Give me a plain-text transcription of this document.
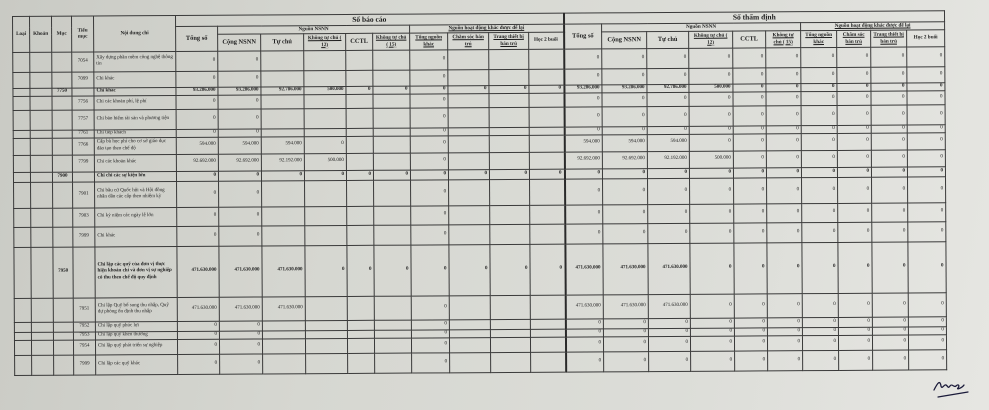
Loại	Khoản	Mục	Tiểu mục	Nội dung chi	Số báo cáo										Số thẩm định									
					Tổng số	Nguồn NSNN					Nguồn hoạt động khác được để lại				Tổng số	Nguồn NSNN					Nguồn hoạt động khác được để lại			
						Cộng NSNN	Tự chủ	Không tự chủ ( 12)	CCTL	Không tự chủ ( 15)	Tổng nguồn khác	Chăm sóc bán trú	Trang thiết bị bán trú	Học 2 buổi		Cộng NSNN	Tự chủ	Không tự chủ ( 12)	CCTL	Không tự chủ ( 15)	Tổng nguồn khác	Chăm sóc bán trú	Trang thiết bị bán trú	Học 2 buổi
			7054	Xây dựng phần mềm công nghệ thông tin	0	0					0				0	0	0	0	0	0	0	0	0	0
			7099	Chi khác	0	0					0				0	0	0	0	0	0	0	0	0	0
		7750		Chi khác	93.286.000	93.286.000	92.786.000	500.000	0	0	0	0	0	0	93.286.000	93.286.000	92.786.000	500.000	0	0	0	0	0	0
			7756	Chi các khoản phí, lệ phí	0	0					0				0	0	0	0	0	0	0	0	0	0
			7757	Chi bảo hiểm tài sản và phương tiện	0	0					0				0	0	0	0	0	0	0	0	0	0
			7761	Chi tiếp khách	0	0					0				0	0	0	0	0	0	0	0	0	0
			7766	Cấp bù học phí cho cơ sở giáo dục đào tạo theo chế độ	594.000	594.000	594.000	0			0				594.000	594.000	594.000	0	0	0	0	0	0	0
			7799	Chi các khoản khác	92.692.000	92.692.000	92.192.000	500.000			0				92.692.000	92.692.000	92.192.000	500.000	0	0	0	0	0	0
		7900		Chi chi các sự kiện lớn	0	0	0	0	0	0	0	0	0	0	0	0	0	0	0	0	0	0	0	0
			7901	Chi bầu cử Quốc hội và Hội đồng nhân dân các cấp theo nhiệm kỳ	0	0					0				0	0	0	0	0	0	0	0	0	0
			7903	Chi kỷ niệm các ngày lễ lớn	0	0					0				0	0	0	0	0	0	0	0	0	0
			7999	Chi khác	0	0					0				0	0	0	0	0	0	0	0	0	0
		7950		Chi lập các quỹ của đơn vị thực hiện khoán chi và đơn vị sự nghiệp có thu theo chế độ quy định	471.630.000	471.630.000	471.630.000	0	0	0	0	0	0	0	471.630.000	471.630.000	471.630.000	0	0	0	0	0	0	0
			7951	Chi lập Quỹ bổ sung thu nhập, Quỹ dự phòng ổn định thu nhập	471.630.000	471.630.000	471.630.000				0				471.630.000	471.630.000	471.630.000	0	0	0	0	0	0	0
			7952	Chi lập quỹ phúc lợi	0	0					0				0	0	0	0	0	0	0	0	0	0
			7953	Chi lập quỹ khen thưởng	0	0					0				0	0	0	0	0	0	0	0	0	0
			7954	Chi lập quỹ phát triển sự nghiệp	0	0					0				0	0	0	0	0	0	0	0	0	0
			7999	Chi lập các quỹ khác	0	0					0				0	0	0	0	0	0	0	0	0	0
